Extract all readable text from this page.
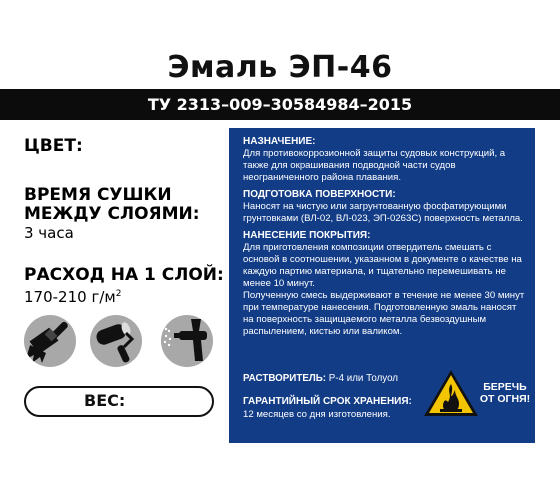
Эмаль ЭП-46
ТУ 2313–009–30584984–2015
ЦВЕТ:
ВРЕМЯ СУШКИ МЕЖДУ СЛОЯМИ:
3 часа
РАСХОД НА 1 СЛОЙ:
170-210 $г/м^2$
ВЕС:
НАЗНАЧЕНИЕ:
Для противокоррозионной защиты судовых конструкций, а также для окрашивания подводной части судов неограниченного района плавания.
ПОДГОТОВКА ПОВЕРХНОСТИ:
Наносят на чистую или загрунтованную фосфатирующими грунтовками (ВЛ-02, ВЛ-023, ЭП-0263С) поверхность металла.
НАНЕСЕНИЕ ПОКРЫТИЯ:
Для приготовления композиции отвердитель смешать с основой в соотношении, указанном в документе о качестве на каждую партию материала, и тщательно перемешивать не менее 10 минут.
Полученную смесь выдерживают в течение не менее 30 минут при температуре нанесения. Подготовленную эмаль наносят на поверхность защищаемого металла безвоздушным распылением, кистью или валиком.
РАСТВОРИТЕЛЬ: Р-4 или Толуол
ГАРАНТИЙНЫЙ СРОК ХРАНЕНИЯ:
12 месяцев со дня изготовления.
БЕРЕЧЬ ОТ ОГНЯ!
